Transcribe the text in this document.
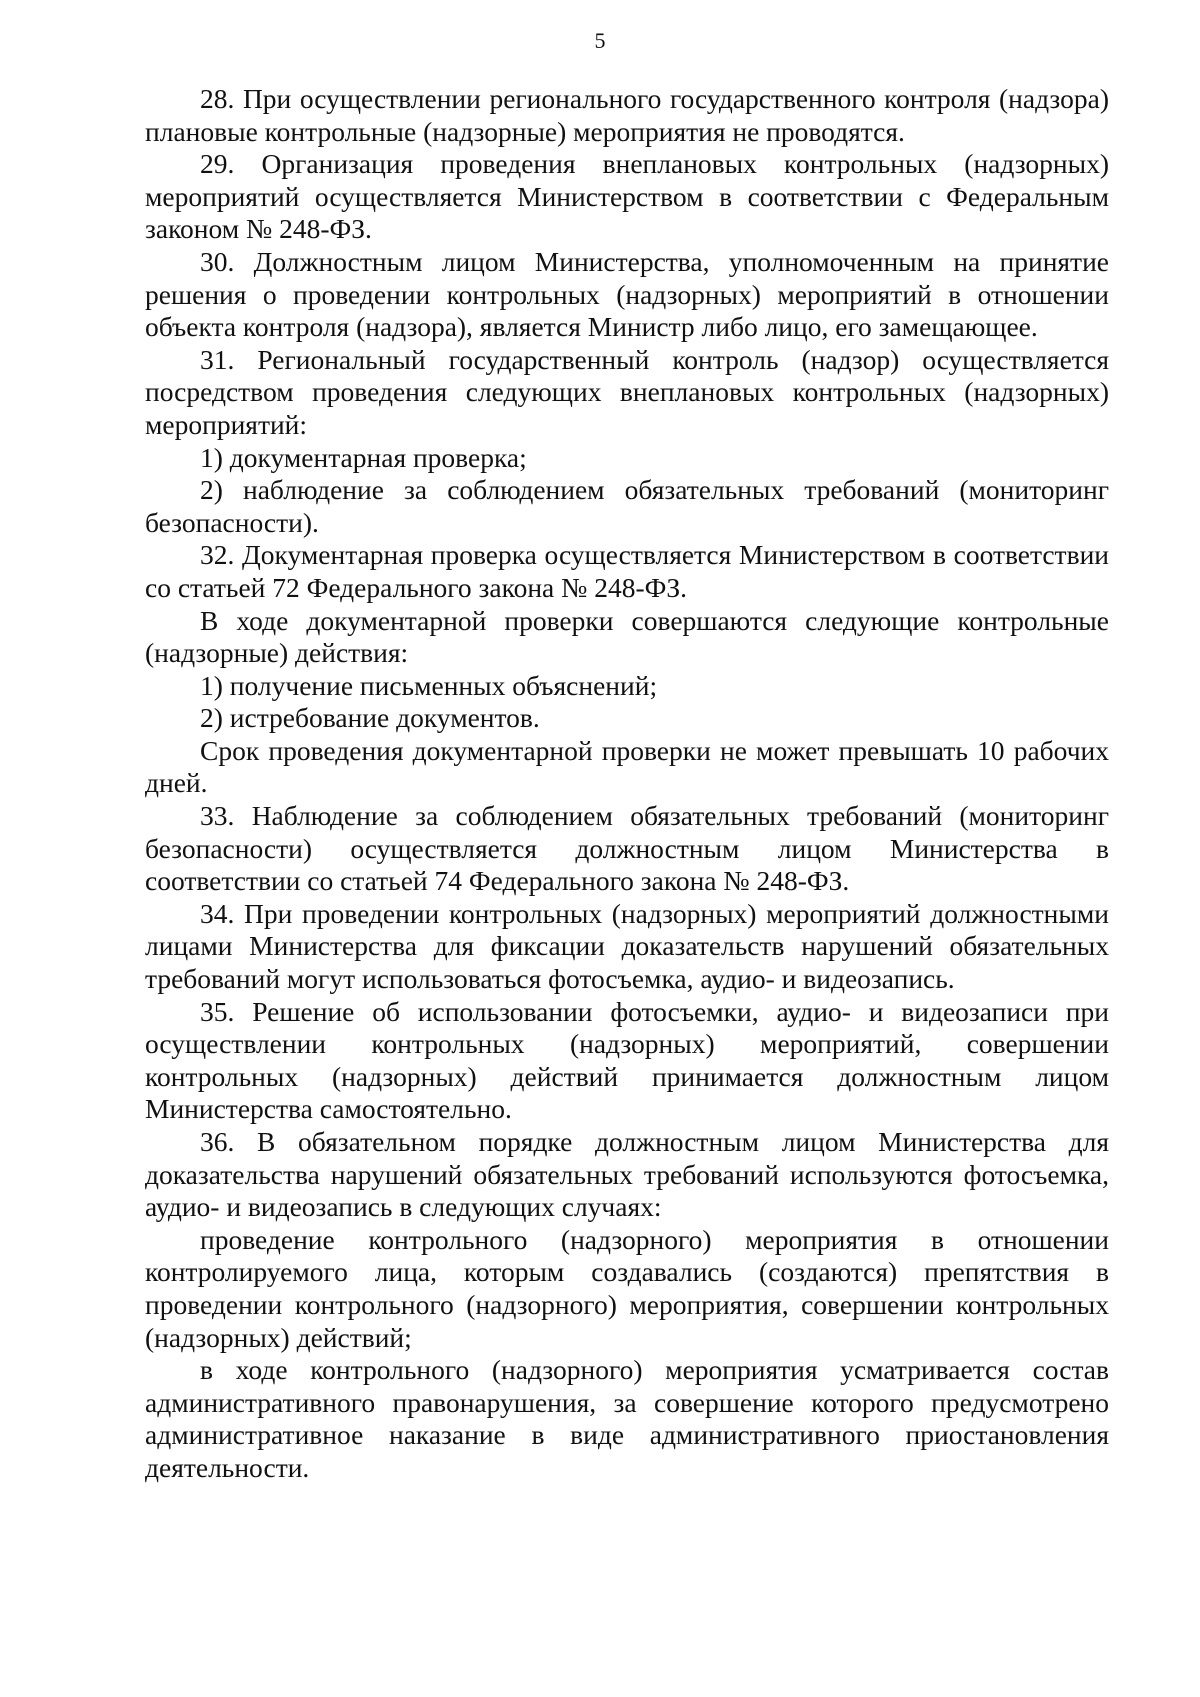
5

28. При осуществлении регионального государственного контроля (надзора) плановые контрольные (надзорные) мероприятия не проводятся.

29. Организация проведения внеплановых контрольных (надзорных) мероприятий осуществляется Министерством в соответствии с Федеральным законом № 248-ФЗ.

30. Должностным лицом Министерства, уполномоченным на принятие решения о проведении контрольных (надзорных) мероприятий в отношении объекта контроля (надзора), является Министр либо лицо, его замещающее.

31. Региональный государственный контроль (надзор) осуществляется посредством проведения следующих внеплановых контрольных (надзорных) мероприятий:

1) документарная проверка;

2) наблюдение за соблюдением обязательных требований (мониторинг безопасности).

32. Документарная проверка осуществляется Министерством в соответствии со статьей 72 Федерального закона № 248-ФЗ.

В ходе документарной проверки совершаются следующие контрольные (надзорные) действия:

1) получение письменных объяснений;

2) истребование документов.

Срок проведения документарной проверки не может превышать 10 рабочих дней.

33. Наблюдение за соблюдением обязательных требований (мониторинг безопасности) осуществляется должностным лицом Министерства в соответствии со статьей 74 Федерального закона № 248-ФЗ.

34. При проведении контрольных (надзорных) мероприятий должностными лицами Министерства для фиксации доказательств нарушений обязательных требований могут использоваться фотосъемка, аудио- и видеозапись.

35. Решение об использовании фотосъемки, аудио- и видеозаписи при осуществлении контрольных (надзорных) мероприятий, совершении контрольных (надзорных) действий принимается должностным лицом Министерства самостоятельно.

36. В обязательном порядке должностным лицом Министерства для доказательства нарушений обязательных требований используются фотосъемка, аудио- и видеозапись в следующих случаях:

проведение контрольного (надзорного) мероприятия в отношении контролируемого лица, которым создавались (создаются) препятствия в проведении контрольного (надзорного) мероприятия, совершении контрольных (надзорных) действий;

в ходе контрольного (надзорного) мероприятия усматривается состав административного правонарушения, за совершение которого предусмотрено административное наказание в виде административного приостановления деятельности.
